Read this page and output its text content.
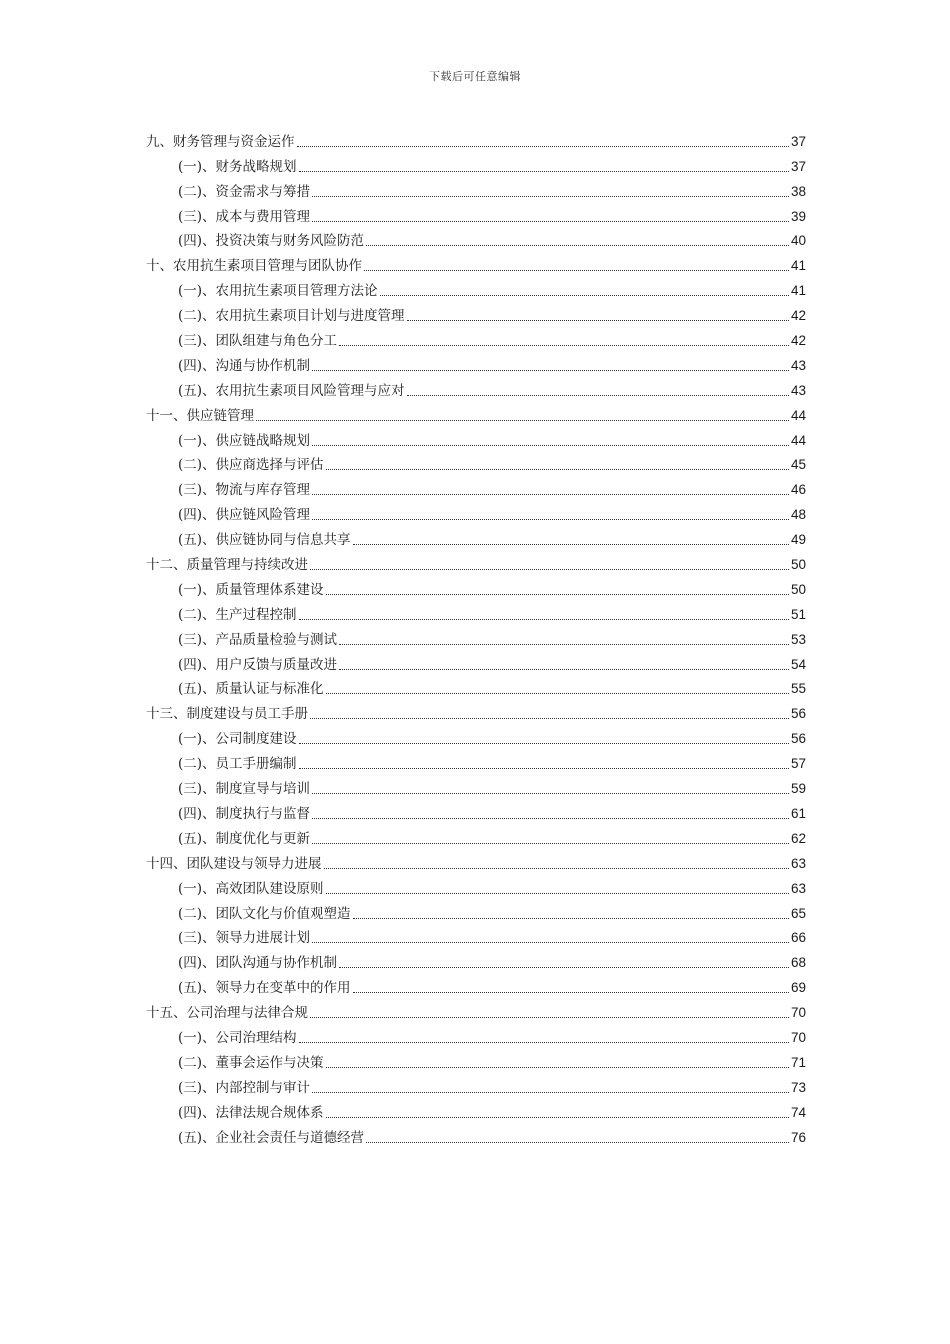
下载后可任意编辑
九、财务管理与资金运作	37
(一)、财务战略规划	37
(二)、资金需求与筹措	38
(三)、成本与费用管理	39
(四)、投资决策与财务风险防范	40
十、农用抗生素项目管理与团队协作	41
(一)、农用抗生素项目管理方法论	41
(二)、农用抗生素项目计划与进度管理	42
(三)、团队组建与角色分工	42
(四)、沟通与协作机制	43
(五)、农用抗生素项目风险管理与应对	43
十一、供应链管理	44
(一)、供应链战略规划	44
(二)、供应商选择与评估	45
(三)、物流与库存管理	46
(四)、供应链风险管理	48
(五)、供应链协同与信息共享	49
十二、质量管理与持续改进	50
(一)、质量管理体系建设	50
(二)、生产过程控制	51
(三)、产品质量检验与测试	53
(四)、用户反馈与质量改进	54
(五)、质量认证与标准化	55
十三、制度建设与员工手册	56
(一)、公司制度建设	56
(二)、员工手册编制	57
(三)、制度宣导与培训	59
(四)、制度执行与监督	61
(五)、制度优化与更新	62
十四、团队建设与领导力进展	63
(一)、高效团队建设原则	63
(二)、团队文化与价值观塑造	65
(三)、领导力进展计划	66
(四)、团队沟通与协作机制	68
(五)、领导力在变革中的作用	69
十五、公司治理与法律合规	70
(一)、公司治理结构	70
(二)、董事会运作与决策	71
(三)、内部控制与审计	73
(四)、法律法规合规体系	74
(五)、企业社会责任与道德经营	76
